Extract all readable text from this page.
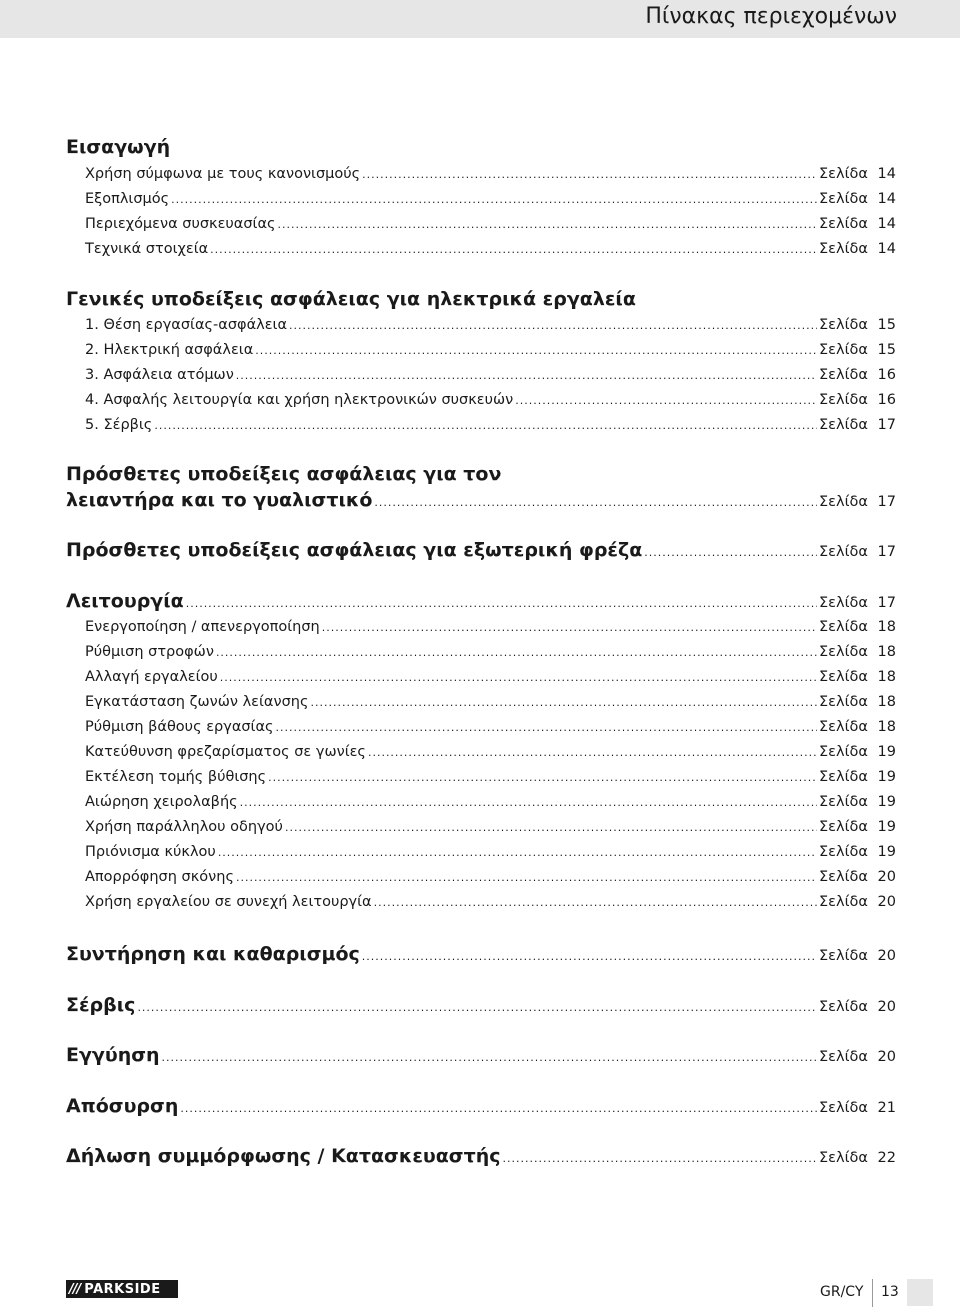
Πίνακας περιεχομένων
Εισαγωγή
Χρήση σύμφωνα με τους κανονισμούς .....	Σελίδα 14
Εξοπλισμός .....	Σελίδα 14
Περιεχόμενα συσκευασίας .....	Σελίδα 14
Τεχνικά στοιχεία .....	Σελίδα 14
Γενικές υποδείξεις ασφάλειας για ηλεκτρικά εργαλεία
1. Θέση εργασίας-ασφάλεια .....	Σελίδα 15
2. Ηλεκτρική ασφάλεια .....	Σελίδα 15
3. Ασφάλεια ατόμων .....	Σελίδα 16
4. Ασφαλής λειτουργία και χρήση ηλεκτρονικών συσκευών .....	Σελίδα 16
5. Σέρβις .....	Σελίδα 17
Πρόσθετες υποδείξεις ασφάλειας για τον
λειαντήρα και το γυαλιστικό .....	Σελίδα 17
Πρόσθετες υποδείξεις ασφάλειας για εξωτερική φρέζα .....	Σελίδα 17
Λειτουργία .....	Σελίδα 17
Ενεργοποίηση / απενεργοποίηση .....	Σελίδα 18
Ρύθμιση στροφών .....	Σελίδα 18
Αλλαγή εργαλείου .....	Σελίδα 18
Εγκατάσταση ζωνών λείανσης .....	Σελίδα 18
Ρύθμιση βάθους εργασίας .....	Σελίδα 18
Κατεύθυνση φρεζαρίσματος σε γωνίες .....	Σελίδα 19
Εκτέλεση τομής βύθισης .....	Σελίδα 19
Αιώρηση χειρολαβής .....	Σελίδα 19
Χρήση παράλληλου οδηγού .....	Σελίδα 19
Πριόνισμα κύκλου .....	Σελίδα 19
Απορρόφηση σκόνης .....	Σελίδα 20
Χρήση εργαλείου σε συνεχή λειτουργία .....	Σελίδα 20
Συντήρηση και καθαρισμός .....	Σελίδα 20
Σέρβις .....	Σελίδα 20
Εγγύηση .....	Σελίδα 20
Απόσυρση .....	Σελίδα 21
Δήλωση συμμόρφωσης / Κατασκευαστής .....	Σελίδα 22
/// PARKSIDE	GR/CY 13
